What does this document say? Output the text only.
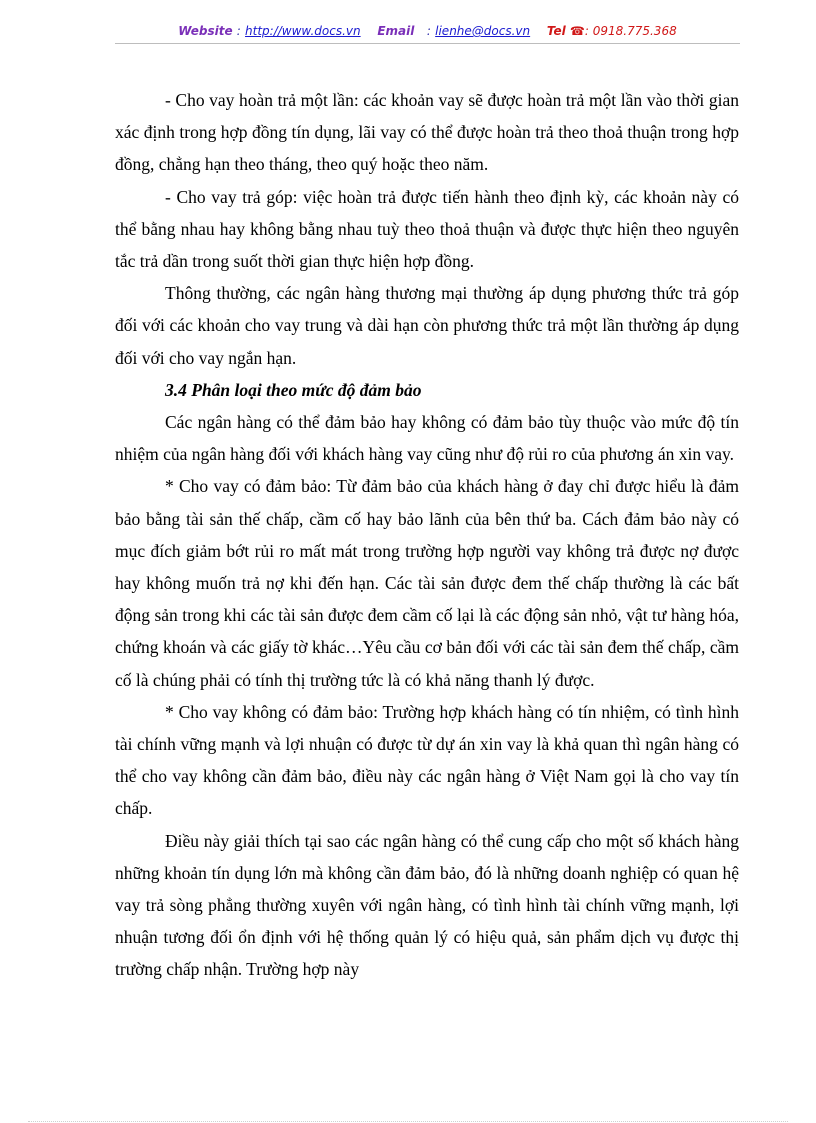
Website : http://www.docs.vn Email : lienhe@docs.vn Tel ☎: 0918.775.368

- Cho vay hoàn trả một lần: các khoản vay sẽ được hoàn trả một lần vào thời gian xác định trong hợp đồng tín dụng, lãi vay có thể được hoàn trả theo thoả thuận trong hợp đồng, chẳng hạn theo tháng, theo quý hoặc theo năm.

- Cho vay trả góp: việc hoàn trả được tiến hành theo định kỳ, các khoản này có thể bằng nhau hay không bằng nhau tuỳ theo thoả thuận và được thực hiện theo nguyên tắc trả dần trong suốt thời gian thực hiện hợp đồng.

Thông thường, các ngân hàng thương mại thường áp dụng phương thức trả góp đối với các khoản cho vay trung và dài hạn còn phương thức trả một lần thường áp dụng đối với cho vay ngắn hạn.

3.4 Phân loại theo mức độ đảm bảo

Các ngân hàng có thể đảm bảo hay không có đảm bảo tùy thuộc vào mức độ tín nhiệm của ngân hàng đối với khách hàng vay cũng như độ rủi ro của phương án xin vay.

* Cho vay có đảm bảo: Từ đảm bảo của khách hàng ở đay chỉ được hiểu là đảm bảo bằng tài sản thế chấp, cầm cố hay bảo lãnh của bên thứ ba. Cách đảm bảo này có mục đích giảm bớt rủi ro mất mát trong trường hợp người vay không trả được nợ được hay không muốn trả nợ khi đến hạn. Các tài sản được đem thế chấp thường là các bất động sản trong khi các tài sản được đem cầm cố lại là các động sản nhỏ, vật tư hàng hóa, chứng khoán và các giấy tờ khác…Yêu cầu cơ bản đối với các tài sản đem thế chấp, cầm cố là chúng phải có tính thị trường tức là có khả năng thanh lý được.

* Cho vay không có đảm bảo: Trường hợp khách hàng có tín nhiệm, có tình hình tài chính vững mạnh và lợi nhuận có được từ dự án xin vay là khả quan thì ngân hàng có thể cho vay không cần đảm bảo, điều này các ngân hàng ở Việt Nam gọi là cho vay tín chấp.

Điều này giải thích tại sao các ngân hàng có thể cung cấp cho một số khách hàng những khoản tín dụng lớn mà không cần đảm bảo, đó là những doanh nghiệp có quan hệ vay trả sòng phẳng thường xuyên với ngân hàng, có tình hình tài chính vững mạnh, lợi nhuận tương đối ổn định với hệ thống quản lý có hiệu quả, sản phẩm dịch vụ được thị trường chấp nhận. Trường hợp này
